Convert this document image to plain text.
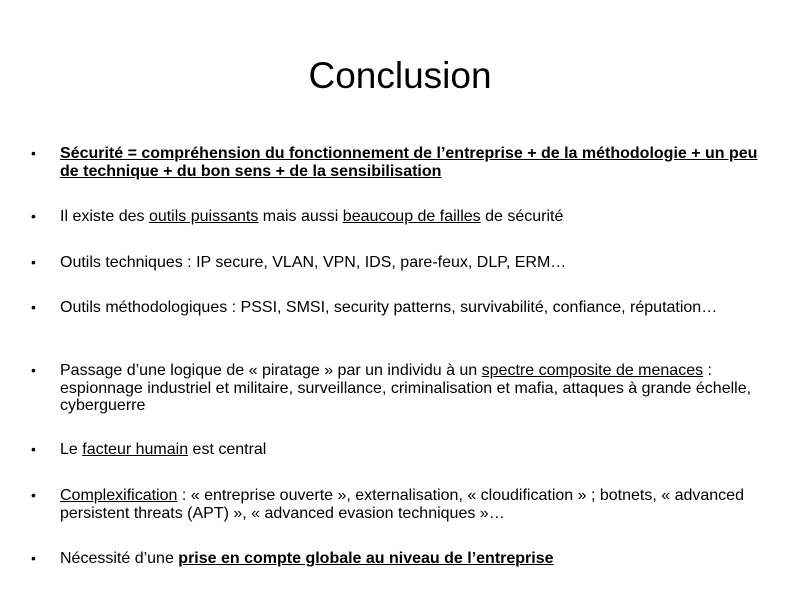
Conclusion
• Sécurité = compréhension du fonctionnement de l’entreprise + de la méthodologie + un peu de technique + du bon sens + de la sensibilisation
• Il existe des outils puissants mais aussi beaucoup de failles de sécurité
• Outils techniques : IP secure, VLAN, VPN, IDS, pare-feux, DLP, ERM…
• Outils méthodologiques : PSSI, SMSI, security patterns, survivabilité, confiance, réputation…
• Passage d’une logique de « piratage » par un individu à un spectre composite de menaces : espionnage industriel et militaire, surveillance, criminalisation et mafia, attaques à grande échelle, cyberguerre
• Le facteur humain est central
• Complexification : « entreprise ouverte », externalisation, « cloudification » ; botnets, « advanced persistent threats (APT) », « advanced evasion techniques »…
• Nécessité d’une prise en compte globale au niveau de l’entreprise
